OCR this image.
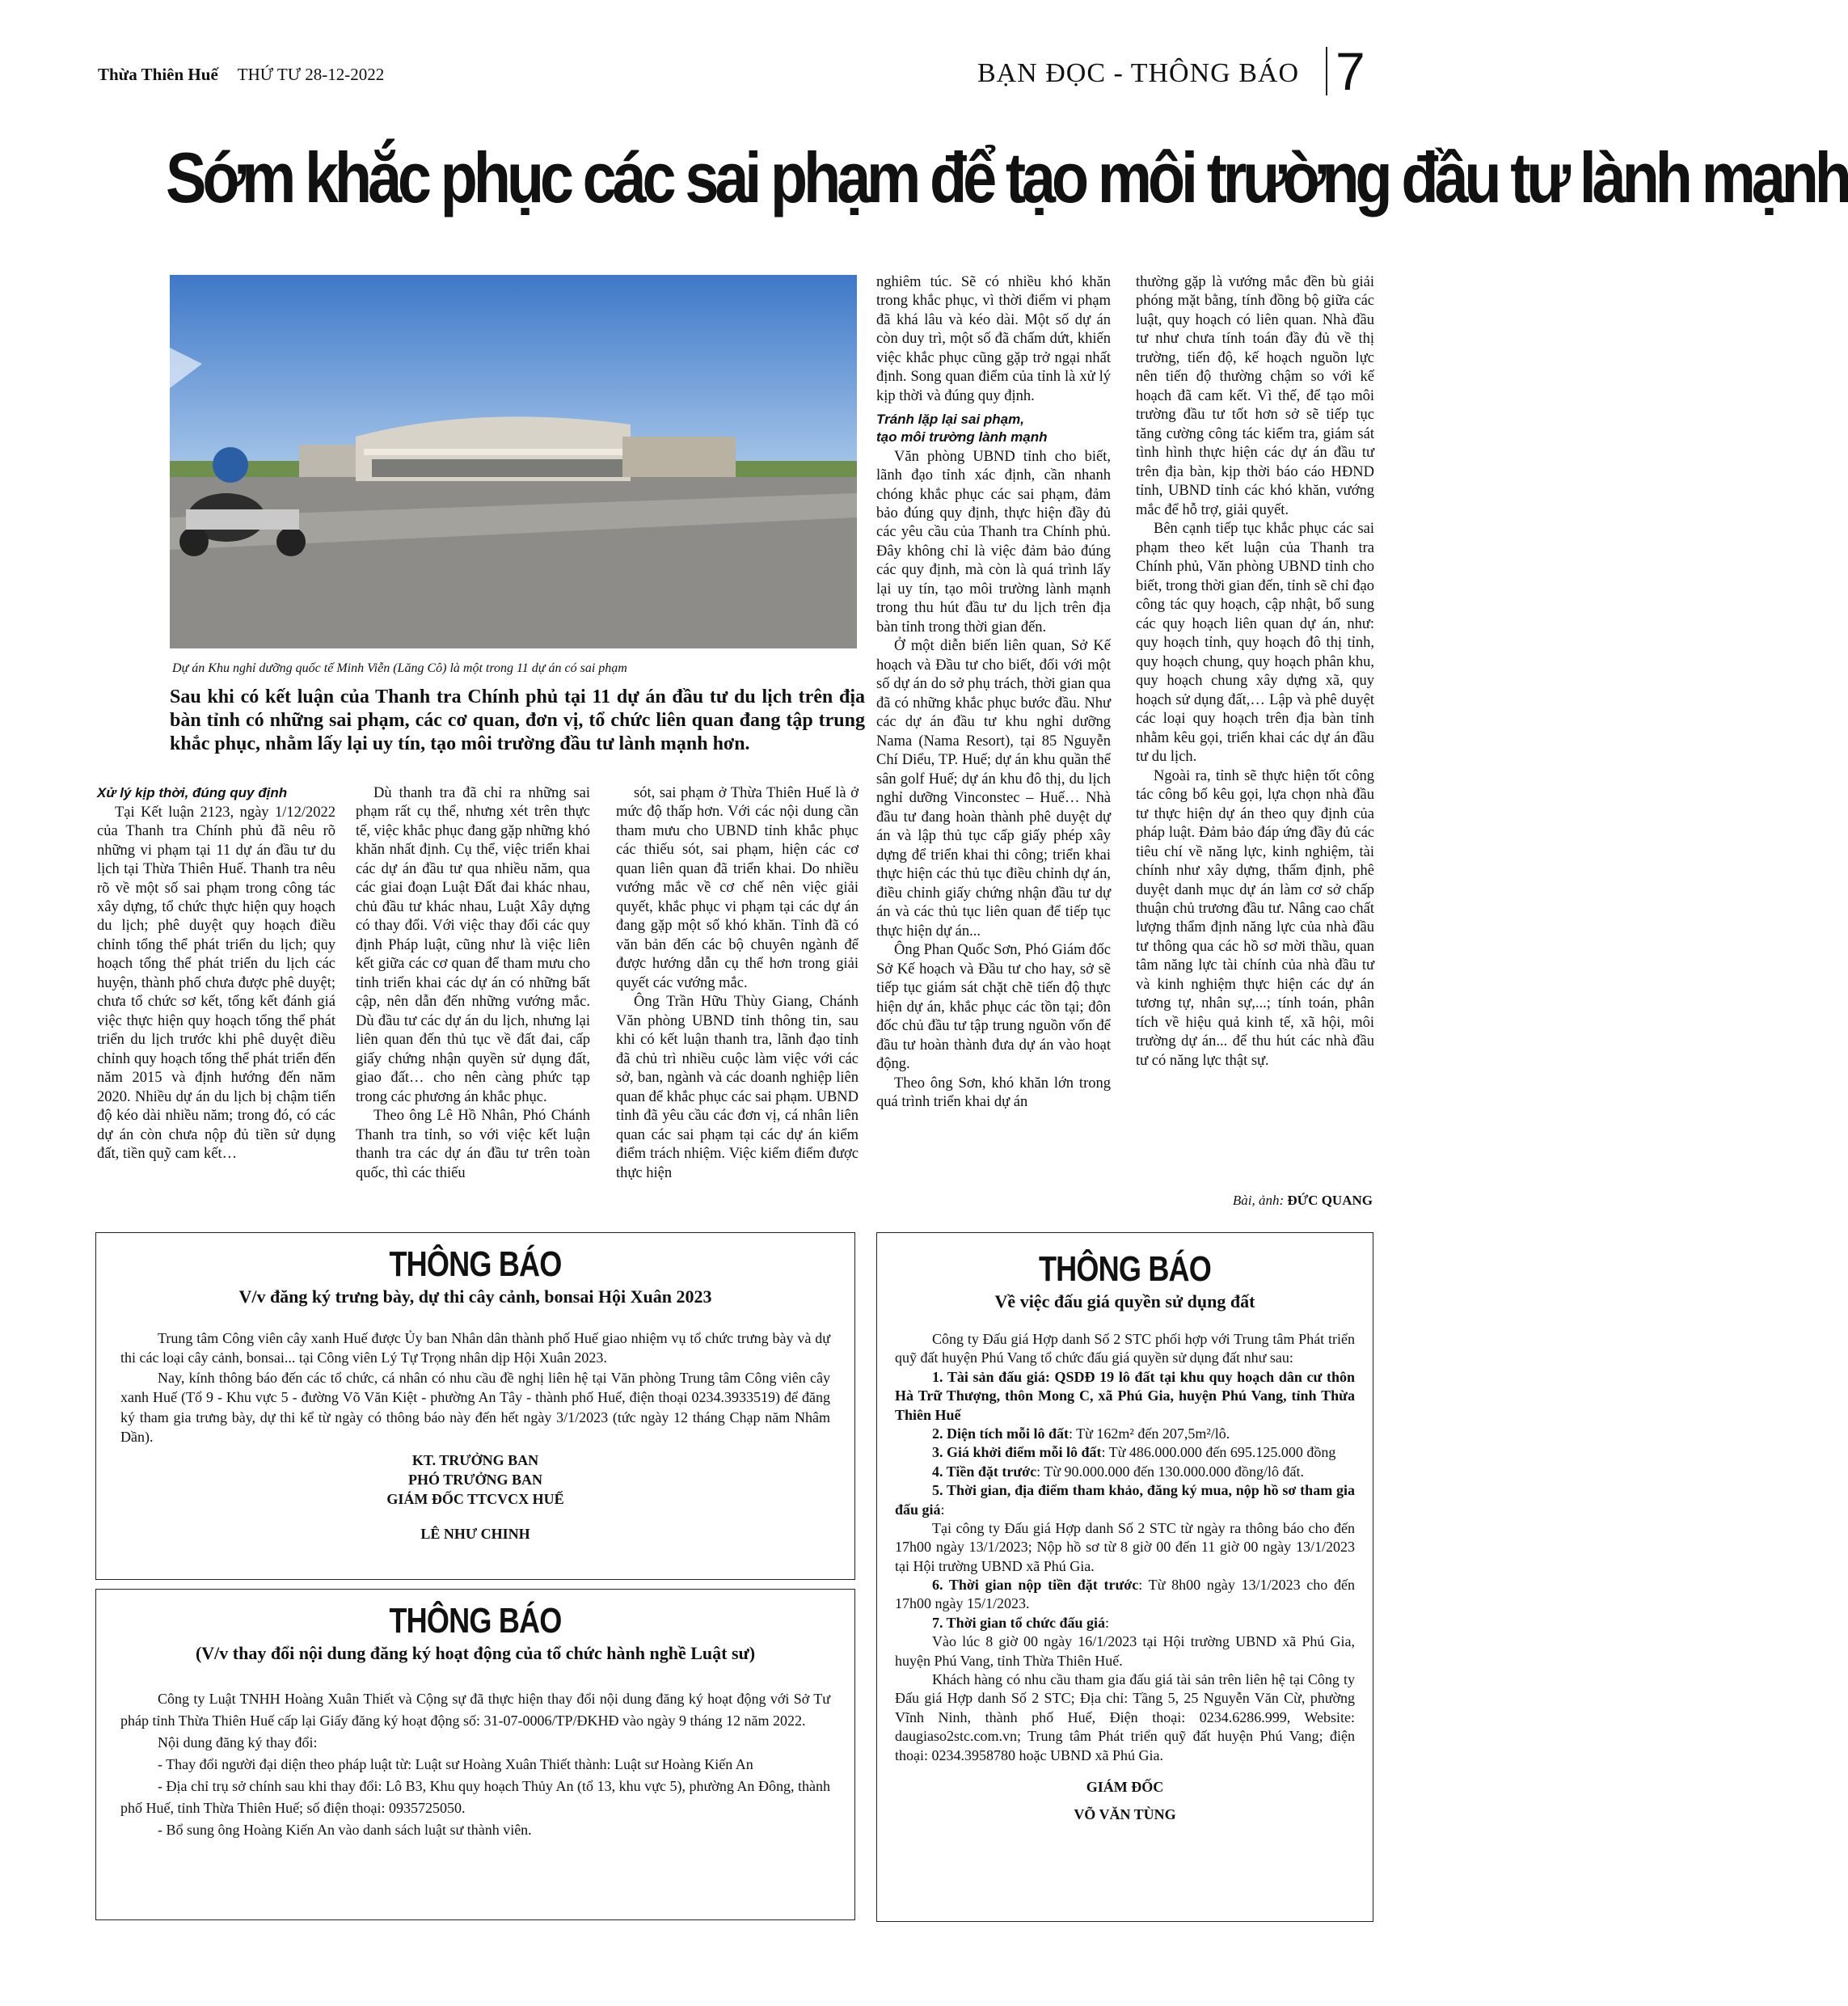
Thừa Thiên Huế THỨ TƯ 28-12-2022	BẠN ĐỌC - THÔNG BÁO 7
Sớm khắc phục các sai phạm để tạo môi trường đầu tư lành mạnh
Dự án Khu nghỉ dưỡng quốc tế Minh Viễn (Lăng Cô) là một trong 11 dự án có sai phạm
Sau khi có kết luận của Thanh tra Chính phủ tại 11 dự án đầu tư du lịch trên địa bàn tỉnh có những sai phạm, các cơ quan, đơn vị, tổ chức liên quan đang tập trung khắc phục, nhằm lấy lại uy tín, tạo môi trường đầu tư lành mạnh hơn.
Xử lý kịp thời, đúng quy định

Tại Kết luận 2123, ngày 1/12/2022 của Thanh tra Chính phủ đã nêu rõ những vi phạm tại 11 dự án đầu tư du lịch tại Thừa Thiên Huế. Thanh tra nêu rõ về một số sai phạm trong công tác xây dựng, tổ chức thực hiện quy hoạch du lịch; phê duyệt quy hoạch điều chỉnh tổng thể phát triển du lịch; quy hoạch tổng thể phát triển du lịch các huyện, thành phố chưa được phê duyệt; chưa tổ chức sơ kết, tổng kết đánh giá việc thực hiện quy hoạch tổng thể phát triển du lịch trước khi phê duyệt điều chỉnh quy hoạch tổng thể phát triển đến năm 2015 và định hướng đến năm 2020. Nhiều dự án du lịch bị chậm tiến độ kéo dài nhiều năm; trong đó, có các dự án còn chưa nộp đủ tiền sử dụng đất, tiền quỹ cam kết…

Dù thanh tra đã chỉ ra những sai phạm rất cụ thể, nhưng xét trên thực tế, việc khắc phục đang gặp những khó khăn nhất định. Cụ thể, việc triển khai các dự án đầu tư qua nhiều năm, qua các giai đoạn Luật Đất đai khác nhau, chủ đầu tư khác nhau, Luật Xây dựng có thay đổi. Với việc thay đổi các quy định Pháp luật, cũng như là việc liên kết giữa các cơ quan để tham mưu cho tỉnh triển khai các dự án có những bất cập, nên dẫn đến những vướng mắc. Dù đầu tư các dự án du lịch, nhưng lại liên quan đến thủ tục về đất đai, cấp giấy chứng nhận quyền sử dụng đất, giao đất… cho nên càng phức tạp trong các phương án khắc phục.

Theo ông Lê Hồ Nhân, Phó Chánh Thanh tra tỉnh, so với việc kết luận thanh tra các dự án đầu tư trên toàn quốc, thì các thiếu

sót, sai phạm ở Thừa Thiên Huế là ở mức độ thấp hơn. Với các nội dung cần tham mưu cho UBND tỉnh khắc phục các thiếu sót, sai phạm, hiện các cơ quan liên quan đã triển khai. Do nhiều vướng mắc về cơ chế nên việc giải quyết, khắc phục vi phạm tại các dự án đang gặp một số khó khăn. Tỉnh đã có văn bản đến các bộ chuyên ngành để được hướng dẫn cụ thể hơn trong giải quyết các vướng mắc.

Ông Trần Hữu Thùy Giang, Chánh Văn phòng UBND tỉnh thông tin, sau khi có kết luận thanh tra, lãnh đạo tỉnh đã chủ trì nhiều cuộc làm việc với các sở, ban, ngành và các doanh nghiệp liên quan để khắc phục các sai phạm. UBND tỉnh đã yêu cầu các đơn vị, cá nhân liên quan các sai phạm tại các dự án kiểm điểm trách nhiệm. Việc kiểm điểm được thực hiện

nghiêm túc. Sẽ có nhiều khó khăn trong khắc phục, vì thời điểm vi phạm đã khá lâu và kéo dài. Một số dự án còn duy trì, một số đã chấm dứt, khiến việc khắc phục cũng gặp trở ngại nhất định. Song quan điểm của tỉnh là xử lý kịp thời và đúng quy định.

Tránh lặp lại sai phạm,
tạo môi trường lành mạnh

Văn phòng UBND tỉnh cho biết, lãnh đạo tỉnh xác định, cần nhanh chóng khắc phục các sai phạm, đảm bảo đúng quy định, thực hiện đầy đủ các yêu cầu của Thanh tra Chính phủ. Đây không chỉ là việc đảm bảo đúng các quy định, mà còn là quá trình lấy lại uy tín, tạo môi trường lành mạnh trong thu hút đầu tư du lịch trên địa bàn tỉnh trong thời gian đến.

Ở một diễn biến liên quan, Sở Kế hoạch và Đầu tư cho biết, đối với một số dự án do sở phụ trách, thời gian qua đã có những khắc phục bước đầu. Như các dự án đầu tư khu nghỉ dưỡng Nama (Nama Resort), tại 85 Nguyễn Chí Diểu, TP. Huế; dự án khu quần thể sân golf Huế; dự án khu đô thị, du lịch nghỉ dưỡng Vinconstec – Huế… Nhà đầu tư đang hoàn thành phê duyệt dự án và lập thủ tục cấp giấy phép xây dựng để triển khai thi công; triển khai thực hiện các thủ tục điều chỉnh dự án, điều chỉnh giấy chứng nhận đầu tư dự án và các thủ tục liên quan để tiếp tục thực hiện dự án...

Ông Phan Quốc Sơn, Phó Giám đốc Sở Kế hoạch và Đầu tư cho hay, sở sẽ tiếp tục giám sát chặt chẽ tiến độ thực hiện dự án, khắc phục các tồn tại; đôn đốc chủ đầu tư tập trung nguồn vốn để đầu tư hoàn thành đưa dự án vào hoạt động.

Theo ông Sơn, khó khăn lớn trong quá trình triển khai dự án

thường gặp là vướng mắc đền bù giải phóng mặt bằng, tính đồng bộ giữa các luật, quy hoạch có liên quan. Nhà đầu tư như chưa tính toán đầy đủ về thị trường, tiến độ, kế hoạch nguồn lực nên tiến độ thường chậm so với kế hoạch đã cam kết. Vì thế, để tạo môi trường đầu tư tốt hơn sở sẽ tiếp tục tăng cường công tác kiểm tra, giám sát tình hình thực hiện các dự án đầu tư trên địa bàn, kịp thời báo cáo HĐND tỉnh, UBND tỉnh các khó khăn, vướng mắc để hỗ trợ, giải quyết.

Bên cạnh tiếp tục khắc phục các sai phạm theo kết luận của Thanh tra Chính phủ, Văn phòng UBND tỉnh cho biết, trong thời gian đến, tỉnh sẽ chỉ đạo công tác quy hoạch, cập nhật, bổ sung các quy hoạch liên quan dự án, như: quy hoạch tỉnh, quy hoạch đô thị tỉnh, quy hoạch chung, quy hoạch phân khu, quy hoạch chung xây dựng xã, quy hoạch sử dụng đất,… Lập và phê duyệt các loại quy hoạch trên địa bàn tỉnh nhằm kêu gọi, triển khai các dự án đầu tư du lịch.

Ngoài ra, tỉnh sẽ thực hiện tốt công tác công bố kêu gọi, lựa chọn nhà đầu tư thực hiện dự án theo quy định của pháp luật. Đảm bảo đáp ứng đầy đủ các tiêu chí về năng lực, kinh nghiệm, tài chính như xây dựng, thẩm định, phê duyệt danh mục dự án làm cơ sở chấp thuận chủ trương đầu tư. Nâng cao chất lượng thẩm định năng lực của nhà đầu tư thông qua các hồ sơ mời thầu, quan tâm năng lực tài chính của nhà đầu tư và kinh nghiệm thực hiện các dự án tương tự, nhân sự,...; tính toán, phân tích về hiệu quả kinh tế, xã hội, môi trường dự án... để thu hút các nhà đầu tư có năng lực thật sự.

Bài, ảnh: ĐỨC QUANG
THÔNG BÁO
V/v đăng ký trưng bày, dự thi cây cảnh, bonsai Hội Xuân 2023

Trung tâm Công viên cây xanh Huế được Ủy ban Nhân dân thành phố Huế giao nhiệm vụ tổ chức trưng bày và dự thi các loại cây cảnh, bonsai... tại Công viên Lý Tự Trọng nhân dịp Hội Xuân 2023.

Nay, kính thông báo đến các tổ chức, cá nhân có nhu cầu đề nghị liên hệ tại Văn phòng Trung tâm Công viên cây xanh Huế (Tổ 9 - Khu vực 5 - đường Võ Văn Kiệt - phường An Tây - thành phố Huế, điện thoại 0234.3933519) để đăng ký tham gia trưng bày, dự thi kể từ ngày có thông báo này đến hết ngày 3/1/2023 (tức ngày 12 tháng Chạp năm Nhâm Dần).

KT. TRƯỞNG BAN
PHÓ TRƯỞNG BAN
GIÁM ĐỐC TTCVCX HUẾ
LÊ NHƯ CHINH
THÔNG BÁO
(V/v thay đổi nội dung đăng ký hoạt động của tổ chức hành nghề Luật sư)

Công ty Luật TNHH Hoàng Xuân Thiết và Cộng sự đã thực hiện thay đổi nội dung đăng ký hoạt động với Sở Tư pháp tỉnh Thừa Thiên Huế cấp lại Giấy đăng ký hoạt động số: 31-07-0006/TP/ĐKHĐ vào ngày 9 tháng 12 năm 2022.

Nội dung đăng ký thay đổi:

- Thay đổi người đại diện theo pháp luật từ: Luật sư Hoàng Xuân Thiết thành: Luật sư Hoàng Kiến An

- Địa chỉ trụ sở chính sau khi thay đổi: Lô B3, Khu quy hoạch Thủy An (tổ 13, khu vực 5), phường An Đông, thành phố Huế, tỉnh Thừa Thiên Huế; số điện thoại: 0935725050.

- Bổ sung ông Hoàng Kiến An vào danh sách luật sư thành viên.

THÔNG BÁO
Về việc đấu giá quyền sử dụng đất

Công ty Đấu giá Hợp danh Số 2 STC phối hợp với Trung tâm Phát triển quỹ đất huyện Phú Vang tổ chức đấu giá quyền sử dụng đất như sau:

1. Tài sản đấu giá: QSDĐ 19 lô đất tại khu quy hoạch dân cư thôn Hà Trữ Thượng, thôn Mong C, xã Phú Gia, huyện Phú Vang, tỉnh Thừa Thiên Huế

2. Diện tích mỗi lô đất: Từ 162m² đến 207,5m²/lô.

3. Giá khởi điểm mỗi lô đất: Từ 486.000.000 đến 695.125.000 đồng

4. Tiền đặt trước: Từ 90.000.000 đến 130.000.000 đồng/lô đất.

5. Thời gian, địa điểm tham khảo, đăng ký mua, nộp hồ sơ tham gia đấu giá:

Tại công ty Đấu giá Hợp danh Số 2 STC từ ngày ra thông báo cho đến 17h00 ngày 13/1/2023; Nộp hồ sơ từ 8 giờ 00 đến 11 giờ 00 ngày 13/1/2023 tại Hội trường UBND xã Phú Gia.

6. Thời gian nộp tiền đặt trước: Từ 8h00 ngày 13/1/2023 cho đến 17h00 ngày 15/1/2023.

7. Thời gian tổ chức đấu giá:

Vào lúc 8 giờ 00 ngày 16/1/2023 tại Hội trường UBND xã Phú Gia, huyện Phú Vang, tỉnh Thừa Thiên Huế.

Khách hàng có nhu cầu tham gia đấu giá tài sản trên liên hệ tại Công ty Đấu giá Hợp danh Số 2 STC; Địa chỉ: Tầng 5, 25 Nguyễn Văn Cừ, phường Vĩnh Ninh, thành phố Huế, Điện thoại: 0234.6286.999, Website: daugiaso2stc.com.vn; Trung tâm Phát triển quỹ đất huyện Phú Vang; điện thoại: 0234.3958780 hoặc UBND xã Phú Gia.

GIÁM ĐỐC
VÕ VĂN TÙNG
